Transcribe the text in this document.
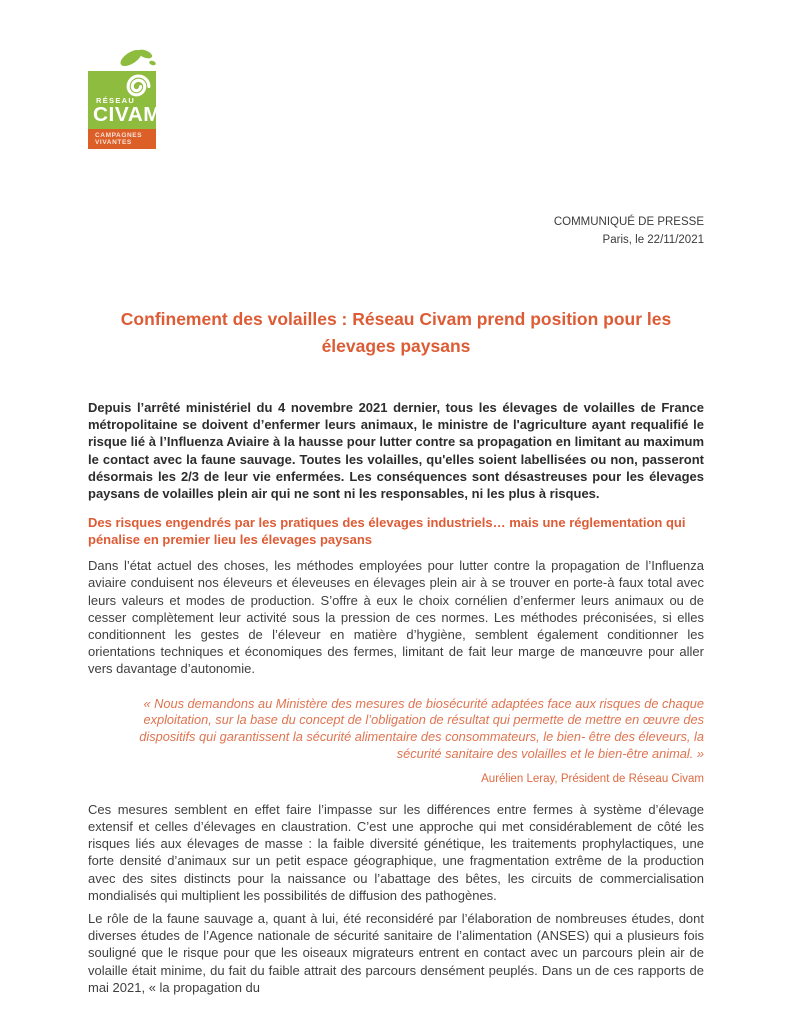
RÉSEAU
CIVAM
CAMPAGNES
VIVANTES
COMMUNIQUÉ DE PRESSE
Paris, le 22/11/2021
Confinement des volailles : Réseau Civam prend position pour les élevages paysans

Depuis l’arrêté ministériel du 4 novembre 2021 dernier, tous les élevages de volailles de France métropolitaine se doivent d’enfermer leurs animaux, le ministre de l'agriculture ayant requalifié le risque lié à l’Influenza Aviaire à la hausse pour lutter contre sa propagation en limitant au maximum le contact avec la faune sauvage. Toutes les volailles, qu'elles soient labellisées ou non, passeront désormais les 2/3 de leur vie enfermées. Les conséquences sont désastreuses pour les élevages paysans de volailles plein air qui ne sont ni les responsables, ni les plus à risques.

Des risques engendrés par les pratiques des élevages industriels… mais une réglementation qui pénalise en premier lieu les élevages paysans

Dans l’état actuel des choses, les méthodes employées pour lutter contre la propagation de l’Influenza aviaire conduisent nos éleveurs et éleveuses en élevages plein air à se trouver en porte-à faux total avec leurs valeurs et modes de production. S’offre à eux le choix cornélien d’enfermer leurs animaux ou de cesser complètement leur activité sous la pression de ces normes. Les méthodes préconisées, si elles conditionnent les gestes de l’éleveur en matière d’hygiène, semblent également conditionner les orientations techniques et économiques des fermes, limitant de fait leur marge de manœuvre pour aller vers davantage d’autonomie.

« Nous demandons au Ministère des mesures de biosécurité adaptées face aux risques de chaque exploitation, sur la base du concept de l’obligation de résultat qui permette de mettre en œuvre des dispositifs qui garantissent la sécurité alimentaire des consommateurs, le bien- être des éleveurs, la sécurité sanitaire des volailles et le bien-être animal. »
Aurélien Leray, Président de Réseau Civam

Ces mesures semblent en effet faire l’impasse sur les différences entre fermes à système d’élevage extensif et celles d’élevages en claustration. C’est une approche qui met considérablement de côté les risques liés aux élevages de masse : la faible diversité génétique, les traitements prophylactiques, une forte densité d’animaux sur un petit espace géographique, une fragmentation extrême de la production avec des sites distincts pour la naissance ou l’abattage des bêtes, les circuits de commercialisation mondialisés qui multiplient les possibilités de diffusion des pathogènes.

Le rôle de la faune sauvage a, quant à lui, été reconsidéré par l’élaboration de nombreuses études, dont diverses études de l’Agence nationale de sécurité sanitaire de l’alimentation (ANSES) qui a plusieurs fois souligné que le risque pour que les oiseaux migrateurs entrent en contact avec un parcours plein air de volaille était minime, du fait du faible attrait des parcours densément peuplés. Dans un de ces rapports de mai 2021, « la propagation du
